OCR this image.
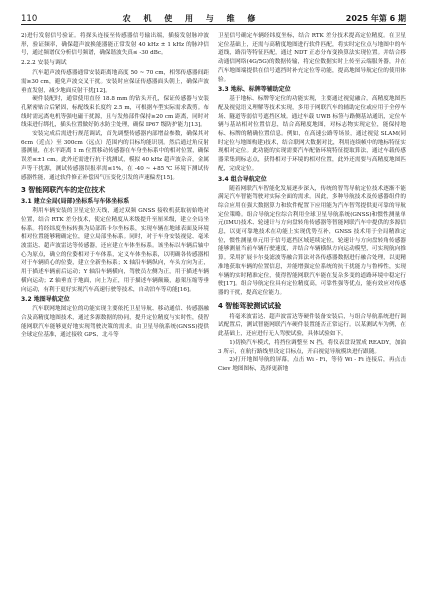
110	农 机 使 用 与 维 修	2025 年第 6 期

2)进行发射信号验证。将探头连接至传感器信号输出端，插接发射脉冲波形，验证频率，确保超声波换能器能正常发射 40 kHz ± 1 kHz 的脉冲信号，通过频谱仪分析信号频谱，确保谐波失真≤ -30 dBc。

2.2.2 安装与调试

汽车超声波传感器通常安装距离地高度 50 ~ 70 cm，相邻传感器间距需≥30 cm，避免声波交叉干扰。安装时应保证传感器面头朝上，确保声波垂直发射，减少地面反射干扰[12]。

硬件装配时，通常使用直径 18.8 mm 的钻头开孔，保证传感器与安装孔紧密贴合后紧固，标配线束长度约 2.5 m，可根据车型实际需求裁剪。布线时需远离电机等强电磁干扰源，且与发热部件保持≥20 cm 距离，同时对线束进行绑扎，插头位置做好防水防尘处理，确保 IP67 级防护能力[13]。

安装完成后需进行规范调试，首先调整传感器内部增益参数，确保其对 6cm（近点）至 300cm（远点）范围内的目标均能识别。然后通过角反射器测量，在水平距离 1 m 位置移动传感器在车身坐标系中的相对位置，确保误差≤±1 cm。此外还需进行抗干扰测试，模拟 40 kHz 超声波杂音，金属声等干扰源，测试传感器误报率需≤1%，在 -40 ~ +85 ℃ 环境下测试传感器性能，通过软件修正补偿因气压变化引发的声速偏差[15]。

3 智能网联汽车的定位技术
3.1 建立全局(局部)坐标系与车体坐标系

利用车辆安装的卫星定位天线，通过双频 GNSS 接收机获取初始绝对位置，结合 RTK 差分技术，使定位精度从米级提升至厘米级，建立全局坐标系。将经纬度坐标转换为局部笛卡尔坐标系，实现车辆在地球表面及环境相对位置能够精确定位，建立局部坐标系。同时，对于车身安装视觉、毫米波雷达、超声波雷达等传感器，还应建立车体坐标系。该坐标以车辆后轴中心为原点，确立的位姿相对于车体系，定义车体坐标系，以明确各传感器相对于车辆质心的位姿，建立全新坐标系；X 轴沿车辆纵向，车头方向为正，用于描述车辆前后运动；Y 轴沿车辆横向，驾驶员左侧为正，用于描述车辆横向运动；Z 轴垂直于地面，向上为正，用于描述车辆颠簸，悬架压缩等垂向运动，有利于更好实现汽车高速行驶等技术，自动泊车等功能[16]。

3.2 地图导航定位

汽车联网地图定位的功能实现主要依托卫星导航、移动通信、传感器融合及高精度地图技术，通过多源数据的协同，提升定位精度与实时性，使智能网联汽车能够更好地实现驾驶决策的需求。由卫星导航系统(GNSS)提供全球定位基准，通过接收 GPS、北斗等

卫星信号确定车辆经纬度坐标，结合 RTK 差分技术提高定位精度。在卫星定位基础上，还需与高精度地图进行软件匹配，将实时定位点与地图中的车道线，路沿等特征匹配，通过 NDT 正态分布变换算法实现位置。并结合移动通信网络(4G/5G)的数据传输，将定位数据实时上传至云端服务器，并在汽车地图端提供在信号遮挡时补充定位等功能，提高地图导航定位的使用体验。

3.3 地标、标牌等辅助定位

基于地标、标牌等定位的功能实现，主要通过视觉融合，高精度地图匹配及视觉语义理解等技术实现，多用于网联汽车的辅助定位或应用于全停车场、隧道等弱信号遮挡区域。通过车载 UWB 标签与路侧基站通讯，定位车辆与基站相对位置信息，结合高精度地图，对标志物实现定位，能保持地标、标牌的精确位置信息。例如，在高速公路等场景，通过视觉 SLAM(同时定位与地图构建)技术，结合联网大数据对比，利用连续帧中的地标特征实现相对定位。此功能的实现需要汽车配备环境特征提取算法，通过车载传感器采集到标志点，获得相对于环境的相对位置，此外还需要与高精度地图匹配，完成定位。

3.4 组合导航定位

随着网联汽车智能化发展逐步深入，传统的智驾导航定位技术逐渐不能满足汽车智能驾驶对实际全面的需求。因此，多种导航技术及传感器组件的综合应用在强大数据算力和软件配置下应用能为汽车智驾提供更可靠的导航定位策略。组合导航定位综合利用全球卫星导航系统(GNSS)和惯性测量单元(IMU)技术、轮速计与方向盘转角传感器等智能网联汽车中提供的多源信息，以更可靠地技术在功能上实现优势互补，GNSS 技术用于全局精准定位，惯性测量单元用于信号遮挡区域延续定位，轮速计与方向盘转角传感器能够测量当前车辆行驶速度，并结合车辆横纵方向运动模型，可实现航向推算。采用扩展卡尔曼滤波等融合算法对各传感器数据进行融合处理，以更精准地获取车辆的位置信息，并能增强定位系统的抗干扰能力与鲁棒性，实现车辆的实时精准定位，使得智能网联汽车能在复杂多变的道路环境中稳定行驶[17]。组合导航定位具有定位精度高，可靠性强等优点，能有效应对传感器的干扰，提高定位能力。

4 智能驾驶测试试验

将毫米波雷达、超声波雷达等硬件装备安装后，与组合导航系统进行调试配置后，测试智能网联汽车硬件装置能否正常运行。以某测试车为例，在此基础上，还应进行无人驾驶试验，具体试验如下。

1)切换汽车模式，将挡位调整至 N 挡，将仪表盘设置成 READY，加油 3 所示，在航行路线里设定目标点，开启视觉导航模块进行跟随。

2)打开地图导航的屏幕，点击 Wi - Fi，等待 Wi - Fi 连接后，再点击 Ciev 地图图标，选择更新地
